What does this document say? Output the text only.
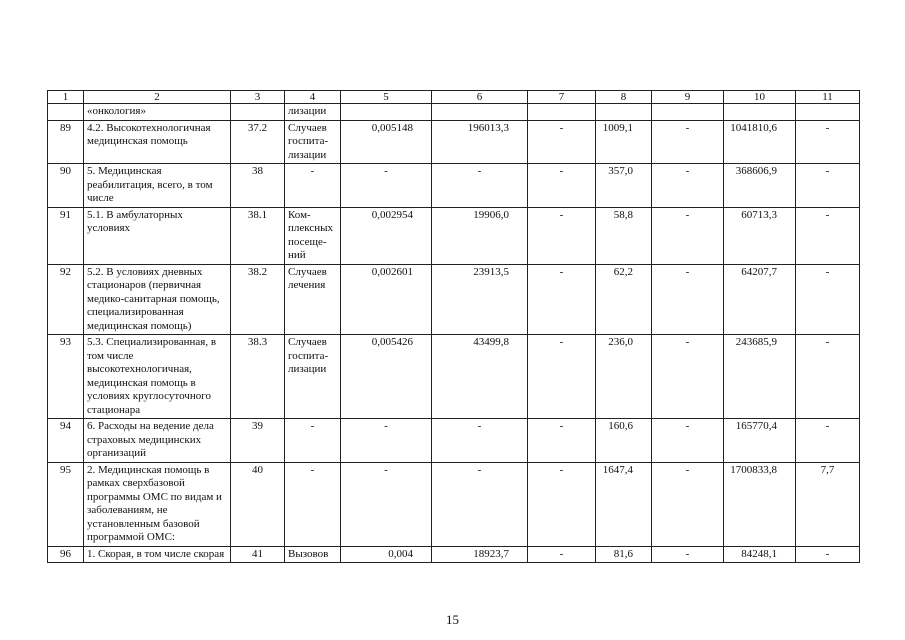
1	2	3	4	5	6	7	8	9	10	11
	«онкология»		лизации							
89	4.2. Высокотехнологичная медицинская помощь	37.2	Случаев госпита-лизации	0,005148	196013,3	-	1009,1	-	1041810,6	-
90	5. Медицинская реабилитация, всего, в том числе	38	-	-	-	-	357,0	-	368606,9	-
91	5.1. В амбулаторных условиях	38.1	Ком-плексных посеще-ний	0,002954	19906,0	-	58,8	-	60713,3	-
92	5.2. В условиях дневных стационаров (первичная медико-санитарная помощь, специализированная медицинская помощь)	38.2	Случаев лечения	0,002601	23913,5	-	62,2	-	64207,7	-
93	5.3. Специализированная, в том числе высокотехнологичная, медицинская помощь в условиях круглосуточного стационара	38.3	Случаев госпита-лизации	0,005426	43499,8	-	236,0	-	243685,9	-
94	6. Расходы на ведение дела страховых медицинских организаций	39	-	-	-	-	160,6	-	165770,4	-
95	2. Медицинская помощь в рамках сверхбазовой программы ОМС по видам и заболеваниям, не установленным базовой программой ОМС:	40	-	-	-	-	1647,4	-	1700833,8	7,7
96	1. Скорая, в том числе скорая	41	Вызовов	0,004	18923,7	-	81,6	-	84248,1	-
15
